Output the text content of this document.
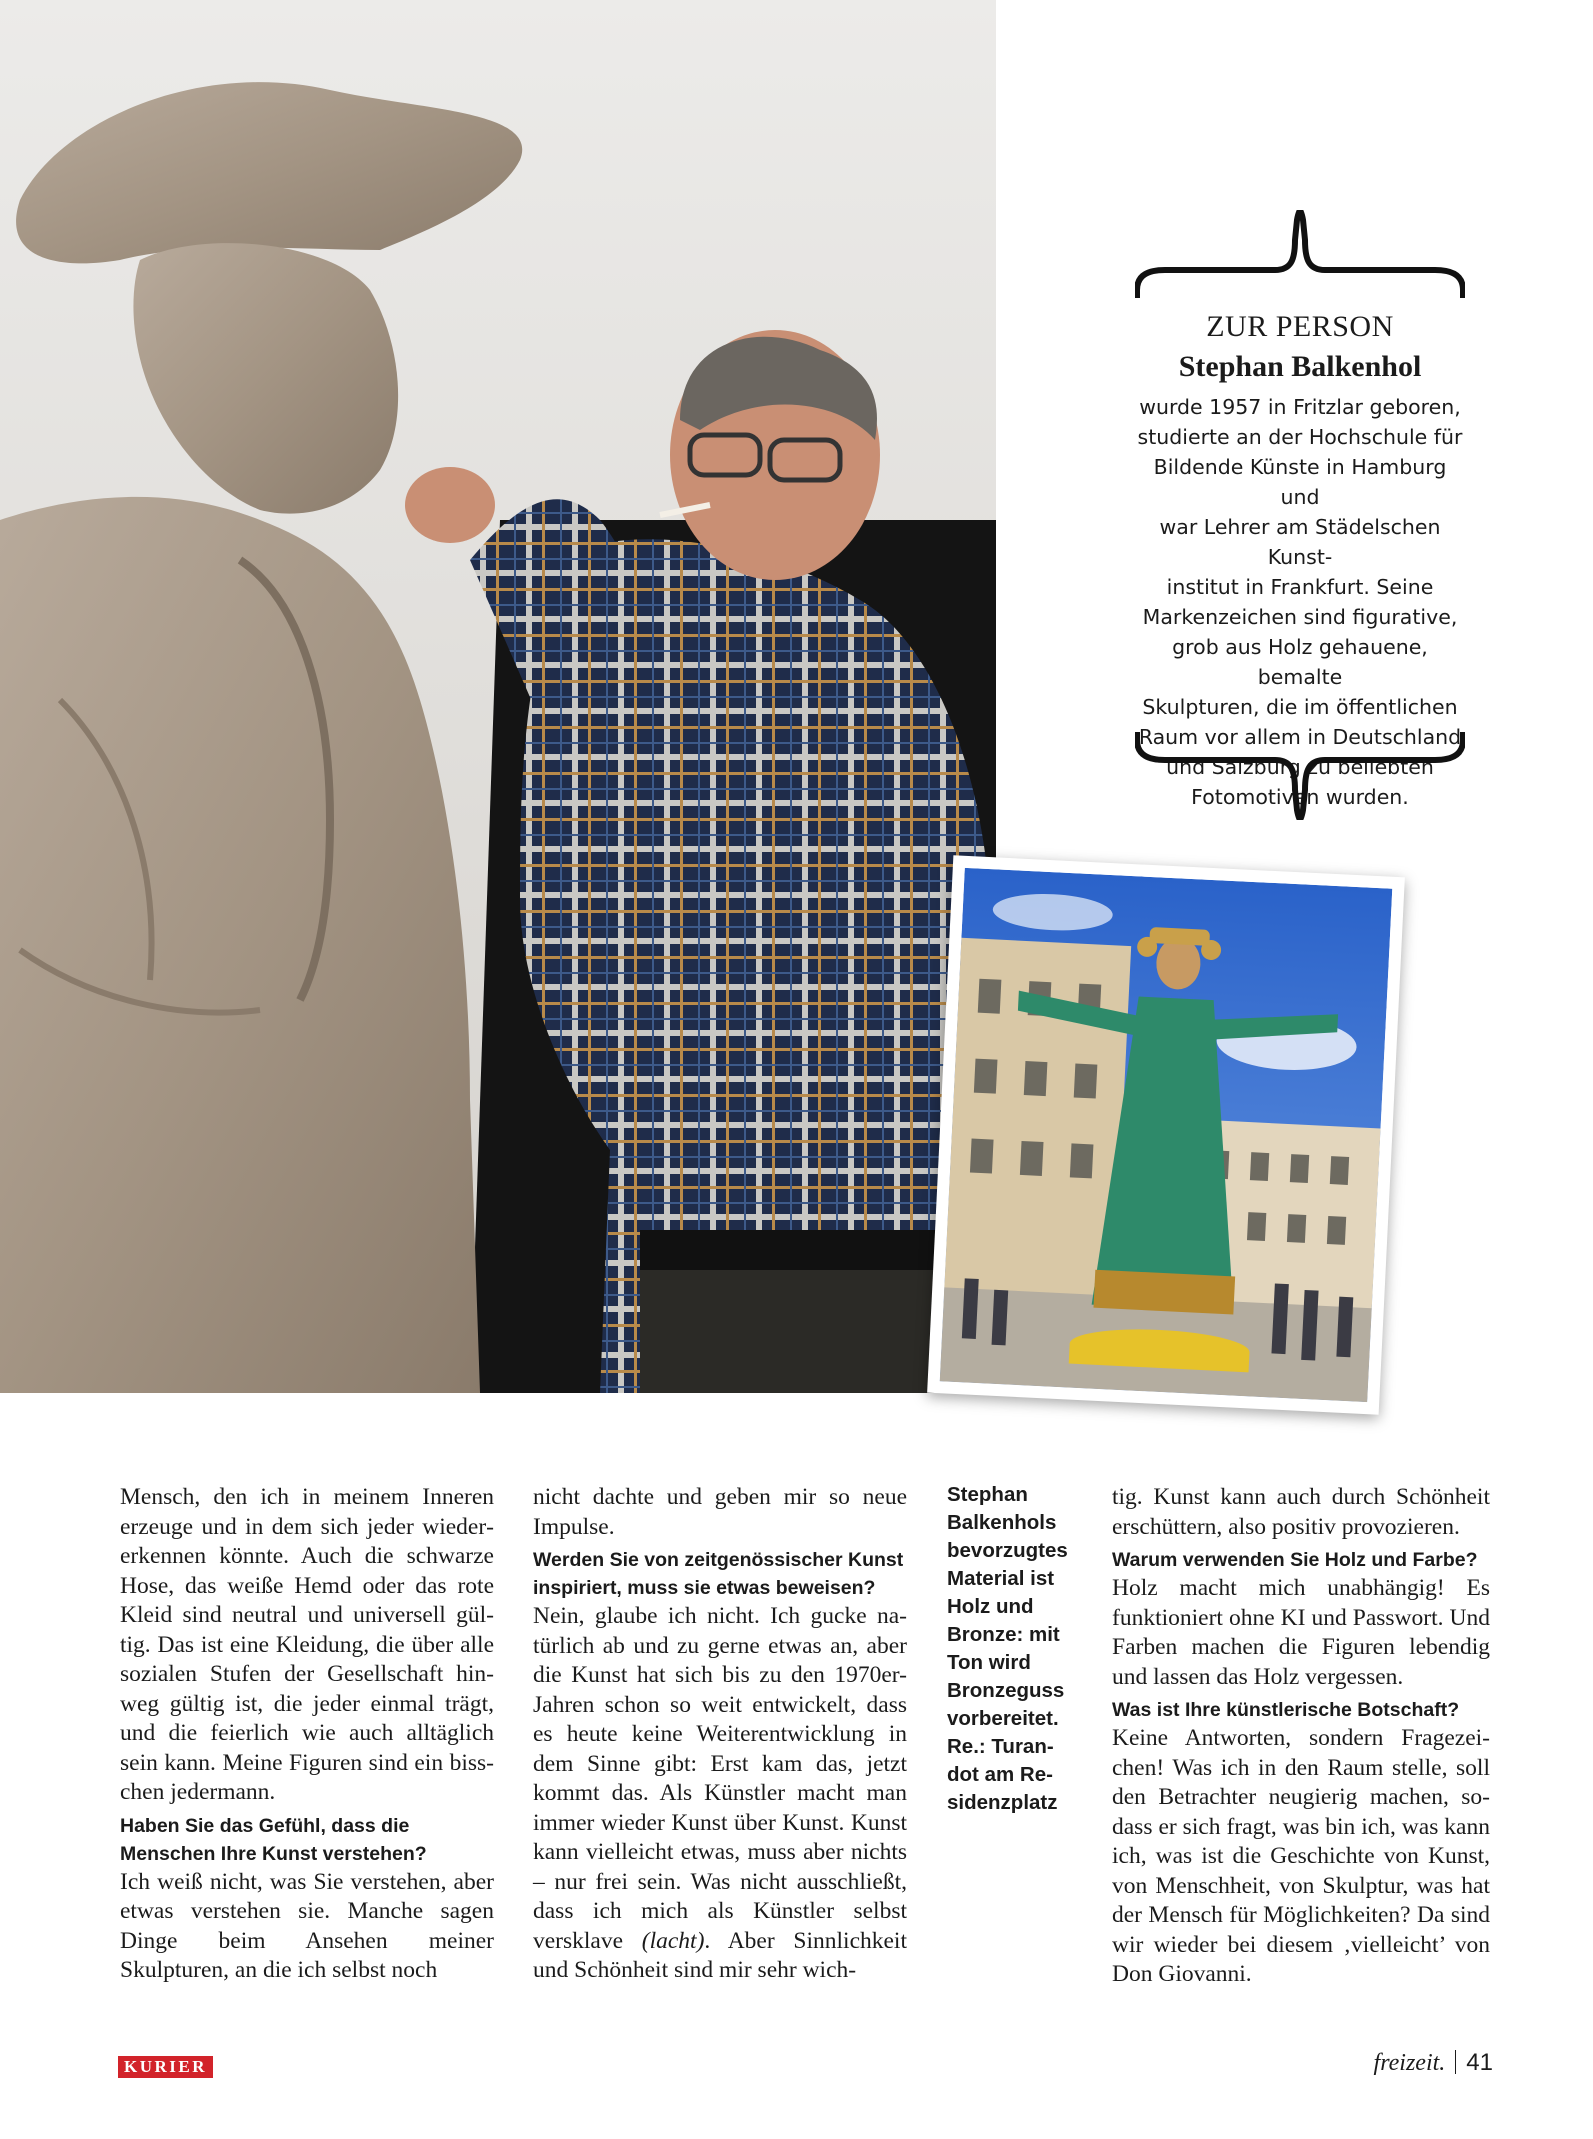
ZUR PERSON
Stephan Balkenhol
wurde 1957 in Fritzlar geboren,
studierte an der Hochschule für
Bildende Künste in Hamburg und
war Lehrer am Städelschen Kunst-
institut in Frankfurt. Seine
Markenzeichen sind figurative,
grob aus Holz gehauene, bemalte
Skulpturen, die im öffentlichen
Raum vor allem in Deutschland
und Salzburg zu beliebten
Fotomotiven wurden.

Mensch, den ich in meinem Inneren erzeuge und in dem sich jeder wiedererkennen könnte. Auch die schwarze Hose, das weiße Hemd oder das rote Kleid sind neutral und universell gültig. Das ist eine Kleidung, die über alle sozialen Stufen der Gesellschaft hinweg gültig ist, die jeder einmal trägt, und die feierlich wie auch alltäglich sein kann. Meine Figuren sind ein bisschen jedermann.

Haben Sie das Gefühl, dass die Menschen Ihre Kunst verstehen?

Ich weiß nicht, was Sie verstehen, aber etwas verstehen sie. Manche sagen Dinge beim Ansehen meiner Skulpturen, an die ich selbst noch

nicht dachte und geben mir so neue Impulse.

Werden Sie von zeitgenössischer Kunst inspiriert, muss sie etwas beweisen?

Nein, glaube ich nicht. Ich gucke natürlich ab und zu gerne etwas an, aber die Kunst hat sich bis zu den 1970er-Jahren schon so weit entwickelt, dass es heute keine Weiterentwicklung in dem Sinne gibt: Erst kam das, jetzt kommt das. Als Künstler macht man immer wieder Kunst über Kunst. Kunst kann vielleicht etwas, muss aber nichts – nur frei sein. Was nicht ausschließt, dass ich mich als Künstler selbst versklave (lacht). Aber Sinnlichkeit und Schönheit sind mir sehr wich-

Stephan
Balkenhols
bevorzugtes
Material ist
Holz und
Bronze: mit
Ton wird
Bronzeguss
vorbereitet.
Re.: Turan-
dot am Re-
sidenzplatz

tig. Kunst kann auch durch Schönheit erschüttern, also positiv provozieren.

Warum verwenden Sie Holz und Farbe?

Holz macht mich unabhängig! Es funktioniert ohne KI und Passwort. Und Farben machen die Figuren lebendig und lassen das Holz vergessen.

Was ist Ihre künstlerische Botschaft?

Keine Antworten, sondern Fragezeichen! Was ich in den Raum stelle, soll den Betrachter neugierig machen, sodass er sich fragt, was bin ich, was kann ich, was ist die Geschichte von Kunst, von Menschheit, von Skulptur, was hat der Mensch für Möglichkeiten? Da sind wir wieder bei diesem ‚vielleicht’ von Don Giovanni.

KURIER	freizeit. 41
